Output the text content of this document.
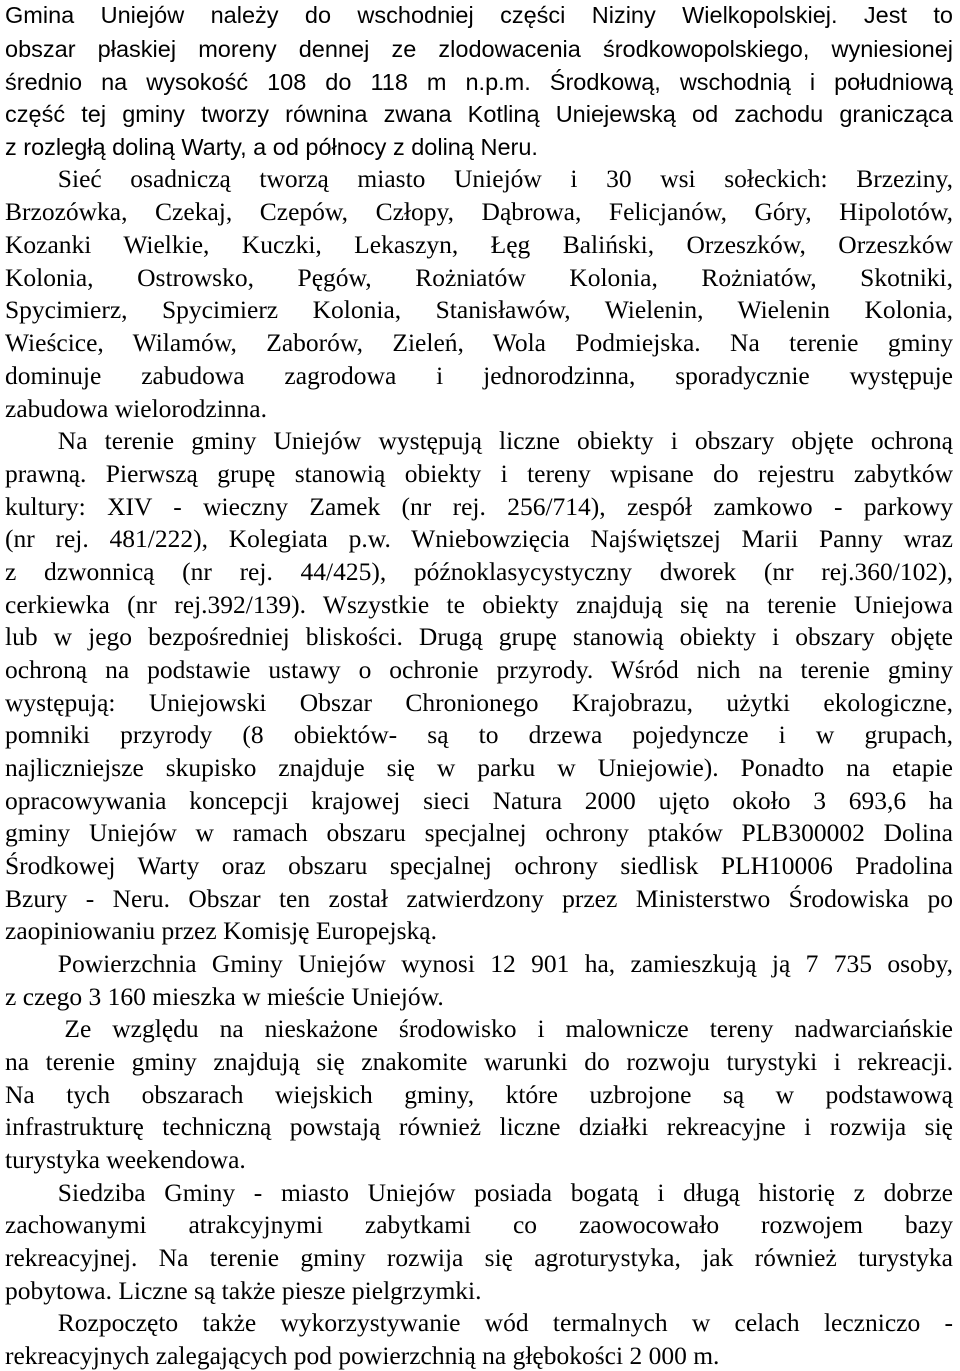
Gmina Uniejów należy do wschodniej części Niziny Wielkopolskiej. Jest to
obszar płaskiej moreny dennej ze zlodowacenia środkowopolskiego, wyniesionej
średnio na wysokość 108 do 118 m n.p.m. Środkową, wschodnią i południową
część tej gminy tworzy równina zwana Kotliną Uniejewską od zachodu granicząca
z rozległą doliną Warty, a od północy z doliną Neru.
Sieć osadniczą tworzą miasto Uniejów i 30 wsi sołeckich: Brzeziny,
Brzozówka, Czekaj, Czepów, Człopy, Dąbrowa, Felicjanów, Góry, Hipolotów,
Kozanki Wielkie, Kuczki, Lekaszyn, Łęg Baliński, Orzeszków, Orzeszków
Kolonia, Ostrowsko, Pęgów, Rożniatów Kolonia, Rożniatów, Skotniki,
Spycimierz, Spycimierz Kolonia, Stanisławów, Wielenin, Wielenin Kolonia,
Wieścice, Wilamów, Zaborów, Zieleń, Wola Podmiejska. Na terenie gminy
dominuje zabudowa zagrodowa i jednorodzinna, sporadycznie występuje
zabudowa wielorodzinna.
Na terenie gminy Uniejów występują liczne obiekty i obszary objęte ochroną
prawną. Pierwszą grupę stanowią obiekty i tereny wpisane do rejestru zabytków
kultury: XIV - wieczny Zamek (nr rej. 256/714), zespół zamkowo - parkowy
(nr rej. 481/222), Kolegiata p.w. Wniebowzięcia Najświętszej Marii Panny wraz
z dzwonnicą (nr rej. 44/425), późnoklasycystyczny dworek (nr rej.360/102),
cerkiewka (nr rej.392/139). Wszystkie te obiekty znajdują się na terenie Uniejowa
lub w jego bezpośredniej bliskości. Drugą grupę stanowią obiekty i obszary objęte
ochroną na podstawie ustawy o ochronie przyrody. Wśród nich na terenie gminy
występują: Uniejowski Obszar Chronionego Krajobrazu, użytki ekologiczne,
pomniki przyrody (8 obiektów- są to drzewa pojedyncze i w grupach,
najliczniejsze skupisko znajduje się w parku w Uniejowie). Ponadto na etapie
opracowywania koncepcji krajowej sieci Natura 2000 ujęto około 3 693,6 ha
gminy Uniejów w ramach obszaru specjalnej ochrony ptaków PLB300002 Dolina
Środkowej Warty oraz obszaru specjalnej ochrony siedlisk PLH10006 Pradolina
Bzury - Neru. Obszar ten został zatwierdzony przez Ministerstwo Środowiska po
zaopiniowaniu przez Komisję Europejską.
Powierzchnia Gminy Uniejów wynosi 12 901 ha, zamieszkują ją 7 735 osoby,
z czego 3 160 mieszka w mieście Uniejów.
Ze względu na nieskażone środowisko i malownicze tereny nadwarciańskie
na terenie gminy znajdują się znakomite warunki do rozwoju turystyki i rekreacji.
Na tych obszarach wiejskich gminy, które uzbrojone są w podstawową
infrastrukturę techniczną powstają również liczne działki rekreacyjne i rozwija się
turystyka weekendowa.
Siedziba Gminy - miasto Uniejów posiada bogatą i długą historię z dobrze
zachowanymi atrakcyjnymi zabytkami co zaowocowało rozwojem bazy
rekreacyjnej. Na terenie gminy rozwija się agroturystyka, jak również turystyka
pobytowa. Liczne są także piesze pielgrzymki.
Rozpoczęto także wykorzystywanie wód termalnych w celach leczniczo -
rekreacyjnych zalegających pod powierzchnią na głębokości 2 000 m.
